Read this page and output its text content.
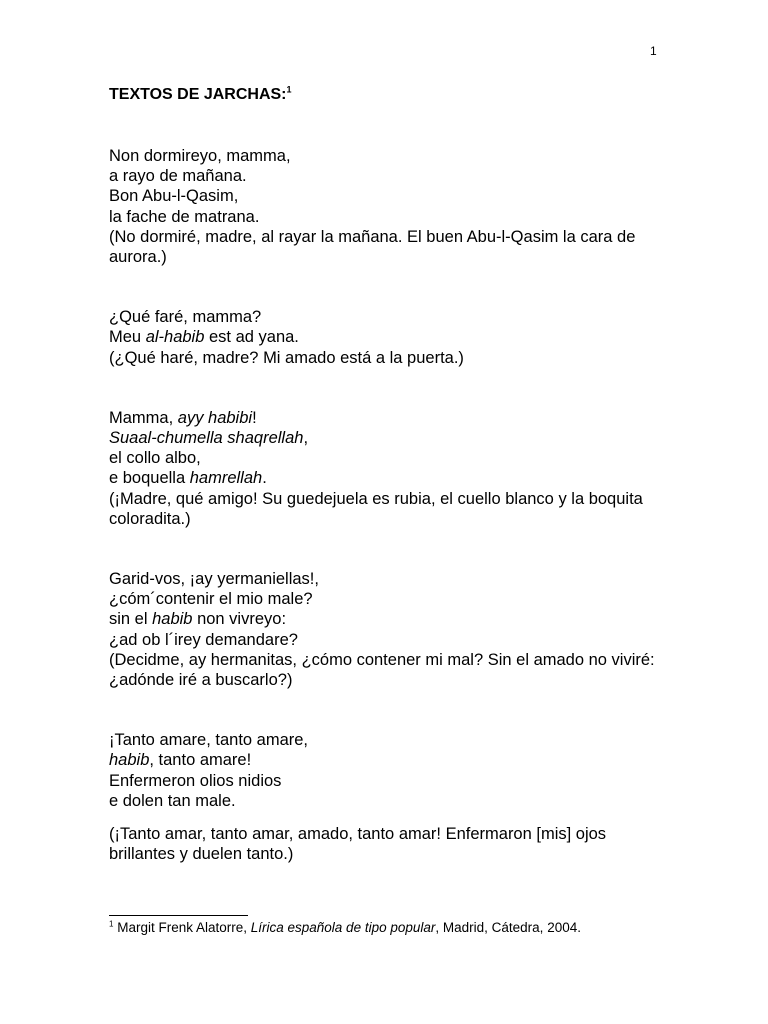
1
TEXTOS DE JARCHAS:$^1$
Non dormireyo, mamma,
a rayo de mañana.
Bon Abu-l-Qasim,
la fache de matrana.
(No dormiré, madre, al rayar la mañana. El buen Abu-l-Qasim la cara de aurora.)
¿Qué faré, mamma?
Meu al-habib est ad yana.
(¿Qué haré, madre? Mi amado está a la puerta.)
Mamma, ayy habibi!
Suaal-chumella shaqrellah,
el collo albo,
e boquella hamrellah.
(¡Madre, qué amigo! Su guedejuela es rubia, el cuello blanco y la boquita coloradita.)
Garid-vos, ¡ay yermaniellas!,
¿cóm´contenir el mio male?
sin el habib non vivreyo:
¿ad ob l´irey demandare?
(Decidme, ay hermanitas, ¿cómo contener mi mal? Sin el amado no viviré: ¿adónde iré a buscarlo?)
¡Tanto amare, tanto amare,
habib, tanto amare!
Enfermeron olios nidios
e dolen tan male.
(¡Tanto amar, tanto amar, amado, tanto amar! Enfermaron [mis] ojos brillantes y duelen tanto.)
$^1$ Margit Frenk Alatorre, Lírica española de tipo popular, Madrid, Cátedra, 2004.
